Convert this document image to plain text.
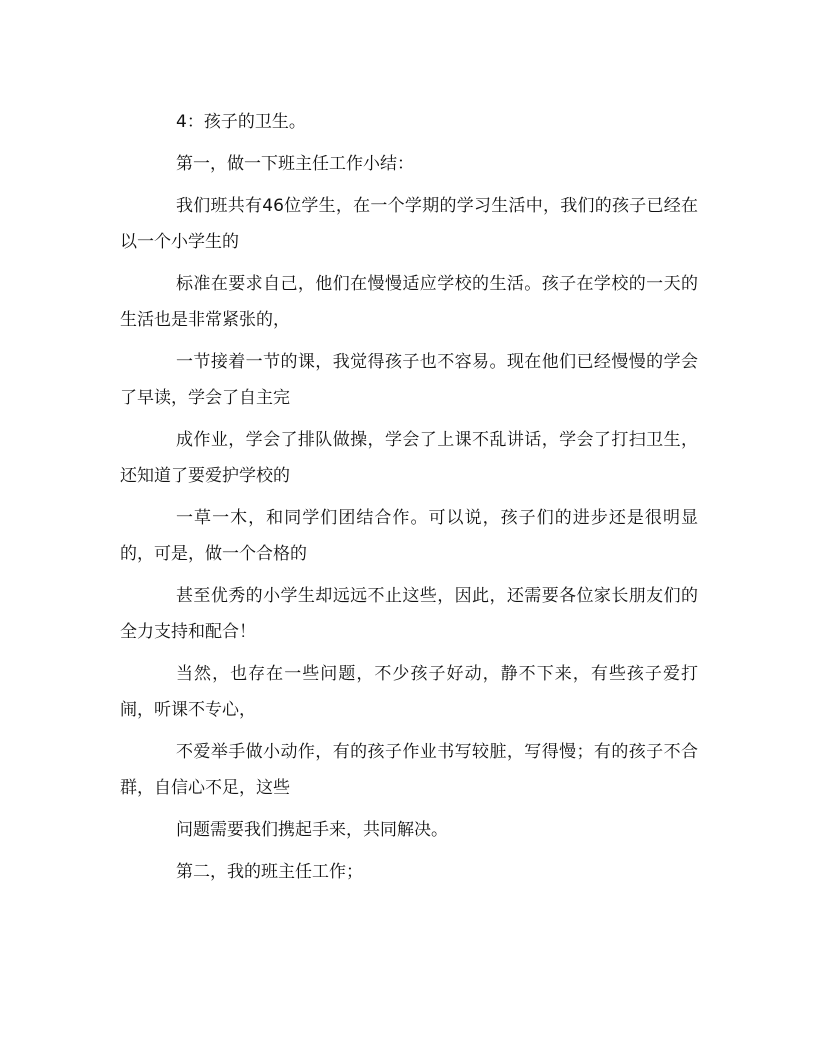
4：孩子的卫生。

第一，做一下班主任工作小结：

我们班共有46位学生，在一个学期的学习生活中，我们的孩子已经在以一个小学生的

标准在要求自己，他们在慢慢适应学校的生活。孩子在学校的一天的生活也是非常紧张的，

一节接着一节的课，我觉得孩子也不容易。现在他们已经慢慢的学会了早读，学会了自主完

成作业，学会了排队做操，学会了上课不乱讲话，学会了打扫卫生，还知道了要爱护学校的

一草一木，和同学们团结合作。可以说，孩子们的进步还是很明显的，可是，做一个合格的

甚至优秀的小学生却远远不止这些，因此，还需要各位家长朋友们的全力支持和配合！

当然，也存在一些问题，不少孩子好动，静不下来，有些孩子爱打闹，听课不专心，

不爱举手做小动作，有的孩子作业书写较脏，写得慢；有的孩子不合群，自信心不足，这些

问题需要我们携起手来，共同解决。

第二，我的班主任工作；
